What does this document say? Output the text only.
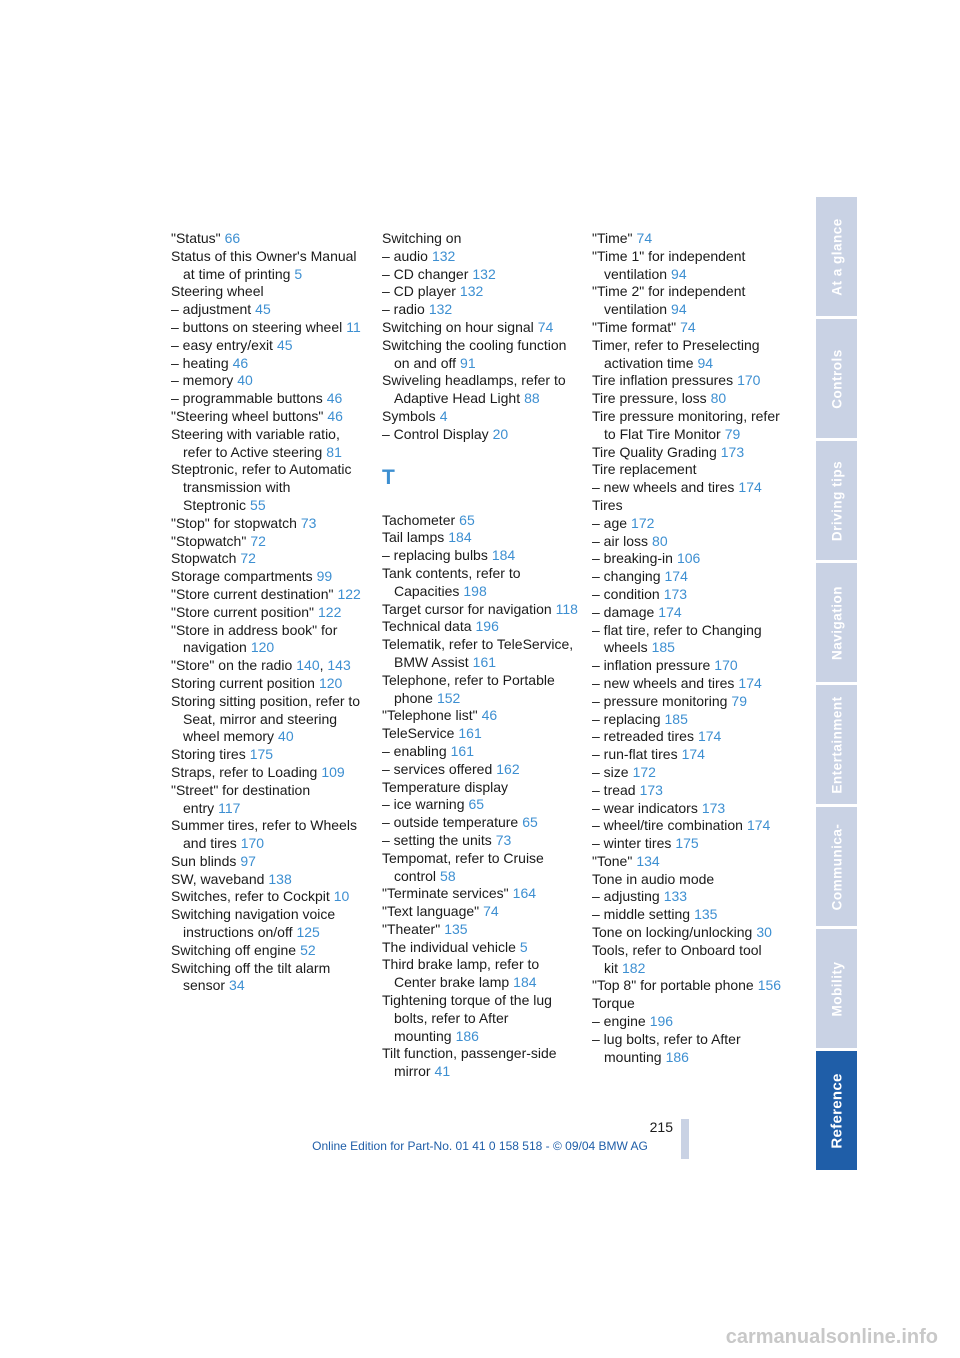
"Status" 66
Status of this Owner's Manual at time of printing 5
Steering wheel
– adjustment 45
– buttons on steering wheel 11
– easy entry/exit 45
– heating 46
– memory 40
– programmable buttons 46
"Steering wheel buttons" 46
Steering with variable ratio, refer to Active steering 81
Steptronic, refer to Automatic transmission with Steptronic 55
"Stop" for stopwatch 73
"Stopwatch" 72
Stopwatch 72
Storage compartments 99
"Store current destination" 122
"Store current position" 122
"Store in address book" for navigation 120
"Store" on the radio 140, 143
Storing current position 120
Storing sitting position, refer to Seat, mirror and steering wheel memory 40
Storing tires 175
Straps, refer to Loading 109
"Street" for destination entry 117
Summer tires, refer to Wheels and tires 170
Sun blinds 97
SW, waveband 138
Switches, refer to Cockpit 10
Switching navigation voice instructions on/off 125
Switching off engine 52
Switching off the tilt alarm sensor 34
Switching on
– audio 132
– CD changer 132
– CD player 132
– radio 132
Switching on hour signal 74
Switching the cooling function on and off 91
Swiveling headlamps, refer to Adaptive Head Light 88
Symbols 4
– Control Display 20
T
Tachometer 65
Tail lamps 184
– replacing bulbs 184
Tank contents, refer to Capacities 198
Target cursor for navigation 118
Technical data 196
Telematik, refer to TeleService, BMW Assist 161
Telephone, refer to Portable phone 152
"Telephone list" 46
TeleService 161
– enabling 161
– services offered 162
Temperature display
– ice warning 65
– outside temperature 65
– setting the units 73
Tempomat, refer to Cruise control 58
"Terminate services" 164
"Text language" 74
"Theater" 135
The individual vehicle 5
Third brake lamp, refer to Center brake lamp 184
Tightening torque of the lug bolts, refer to After mounting 186
Tilt function, passenger-side mirror 41
"Time" 74
"Time 1" for independent ventilation 94
"Time 2" for independent ventilation 94
"Time format" 74
Timer, refer to Preselecting activation time 94
Tire inflation pressures 170
Tire pressure, loss 80
Tire pressure monitoring, refer to Flat Tire Monitor 79
Tire Quality Grading 173
Tire replacement
– new wheels and tires 174
Tires
– age 172
– air loss 80
– breaking-in 106
– changing 174
– condition 173
– damage 174
– flat tire, refer to Changing wheels 185
– inflation pressure 170
– new wheels and tires 174
– pressure monitoring 79
– replacing 185
– retreaded tires 174
– run-flat tires 174
– size 172
– tread 173
– wear indicators 173
– wheel/tire combination 174
– winter tires 175
"Tone" 134
Tone in audio mode
– adjusting 133
– middle setting 135
Tone on locking/unlocking 30
Tools, refer to Onboard tool kit 182
"Top 8" for portable phone 156
Torque
– engine 196
– lug bolts, refer to After mounting 186
At a glance
Controls
Driving tips
Navigation
Entertainment
Communica-
Mobility
Reference
215
Online Edition for Part-No. 01 41 0 158 518 - © 09/04 BMW AG
carmanualsonline.info
